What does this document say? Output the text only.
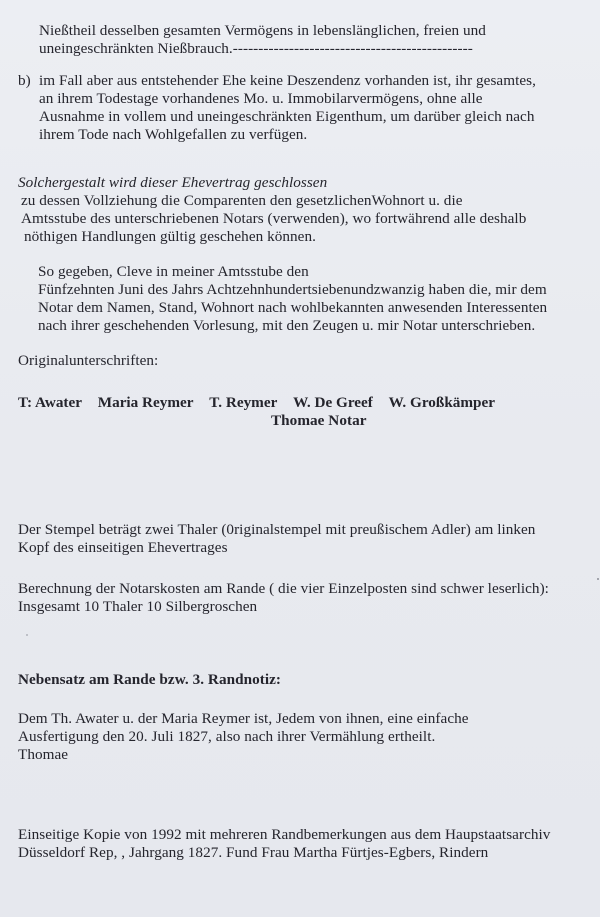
Nießtheil desselben gesamten Vermögens in lebenslänglichen, freien und
uneingeschränkten Nießbrauch.-----------------------------------------------
b) im Fall aber aus entstehender Ehe keine Deszendenz vorhanden ist, ihr gesamtes,
an ihrem Todestage vorhandenes Mo. u. Immobilarvermögens, ohne alle
Ausnahme in vollem und uneingeschränkten Eigenthum, um darüber gleich nach
ihrem Tode nach Wohlgefallen zu verfügen.
Solchergestalt wird dieser Ehevertrag geschlossen
zu dessen Vollziehung die Comparenten den gesetzlichenWohnort u. die
Amtsstube des unterschriebenen Notars (verwenden), wo fortwährend alle deshalb
nöthigen Handlungen gültig geschehen können.
So gegeben, Cleve in meiner Amtsstube den
Fünfzehnten Juni des Jahrs Achtzehnhundertsiebenundzwanzig haben die, mir dem
Notar dem Namen, Stand, Wohnort nach wohlbekannten anwesenden Interessenten
nach ihrer geschehenden Vorlesung, mit den Zeugen u. mir Notar unterschrieben.
Originalunterschriften:
T: Awater Maria Reymer T. Reymer W. De Greef W. Großkämper
Thomae Notar
Der Stempel beträgt zwei Thaler (0riginalstempel mit preußischem Adler) am linken
Kopf des einseitigen Ehevertrages
Berechnung der Notarskosten am Rande ( die vier Einzelposten sind schwer leserlich):
Insgesamt 10 Thaler 10 Silbergroschen
Nebensatz am Rande bzw. 3. Randnotiz:
Dem Th. Awater u. der Maria Reymer ist, Jedem von ihnen, eine einfache
Ausfertigung den 20. Juli 1827, also nach ihrer Vermählung ertheilt.
Thomae
Einseitige Kopie von 1992 mit mehreren Randbemerkungen aus dem Haupstaatsarchiv
Düsseldorf Rep, , Jahrgang 1827. Fund Frau Martha Fürtjes-Egbers, Rindern
